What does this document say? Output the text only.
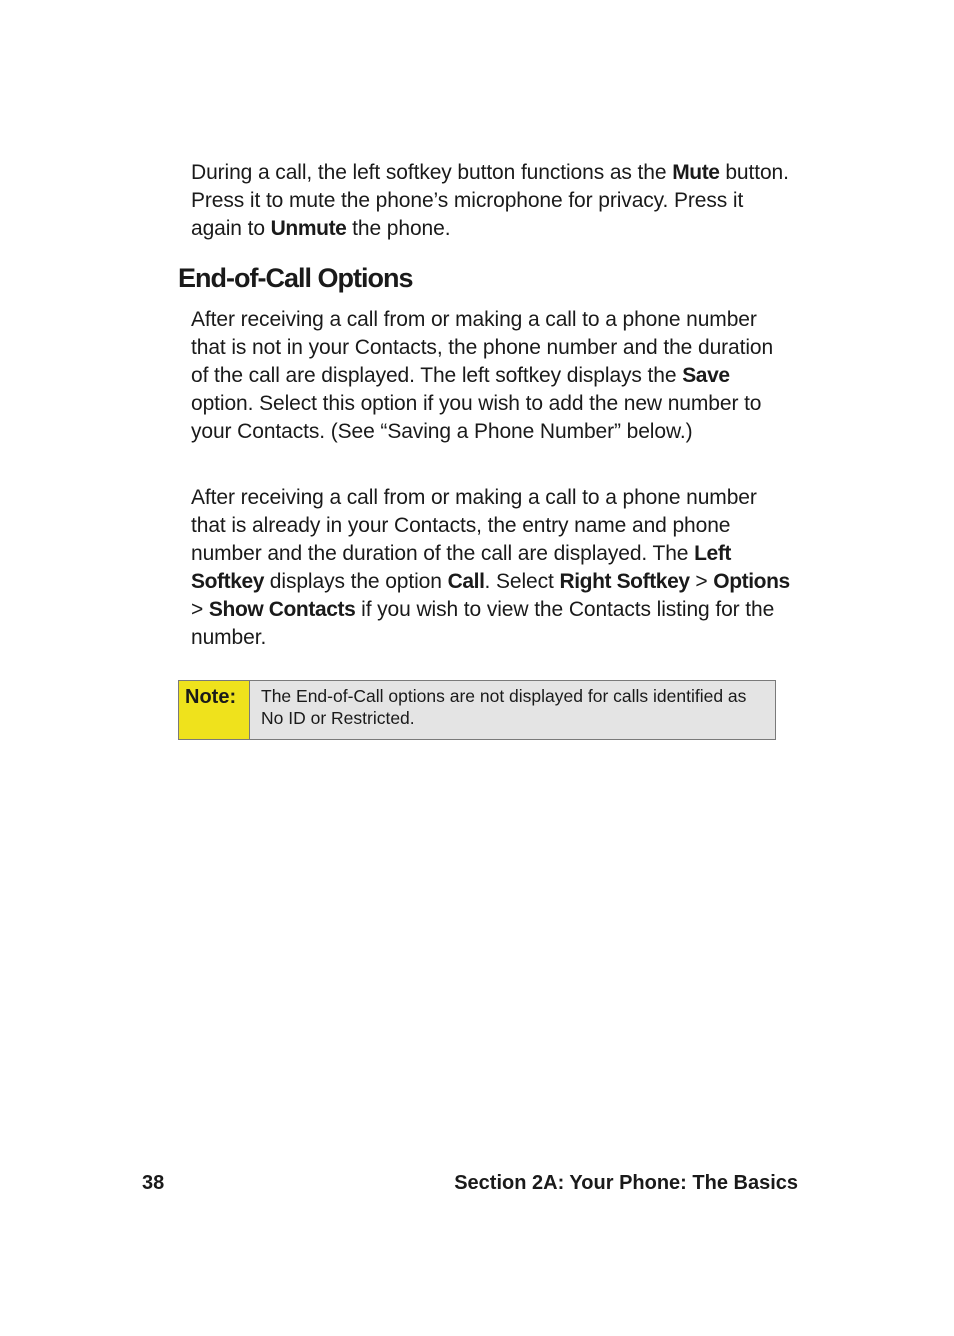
During a call, the left softkey button functions as the Mute button. Press it to mute the phone’s microphone for privacy. Press it again to Unmute the phone.

End-of-Call Options

After receiving a call from or making a call to a phone number that is not in your Contacts, the phone number and the duration of the call are displayed. The left softkey displays the Save option. Select this option if you wish to add the new number to your Contacts. (See “Saving a Phone Number” below.)

After receiving a call from or making a call to a phone number that is already in your Contacts, the entry name and phone number and the duration of the call are displayed. The Left Softkey displays the option Call. Select Right Softkey > Options > Show Contacts if you wish to view the Contacts listing for the number.

Note:	The End-of-Call options are not displayed for calls identified as No ID or Restricted.
38	Section 2A: Your Phone: The Basics
